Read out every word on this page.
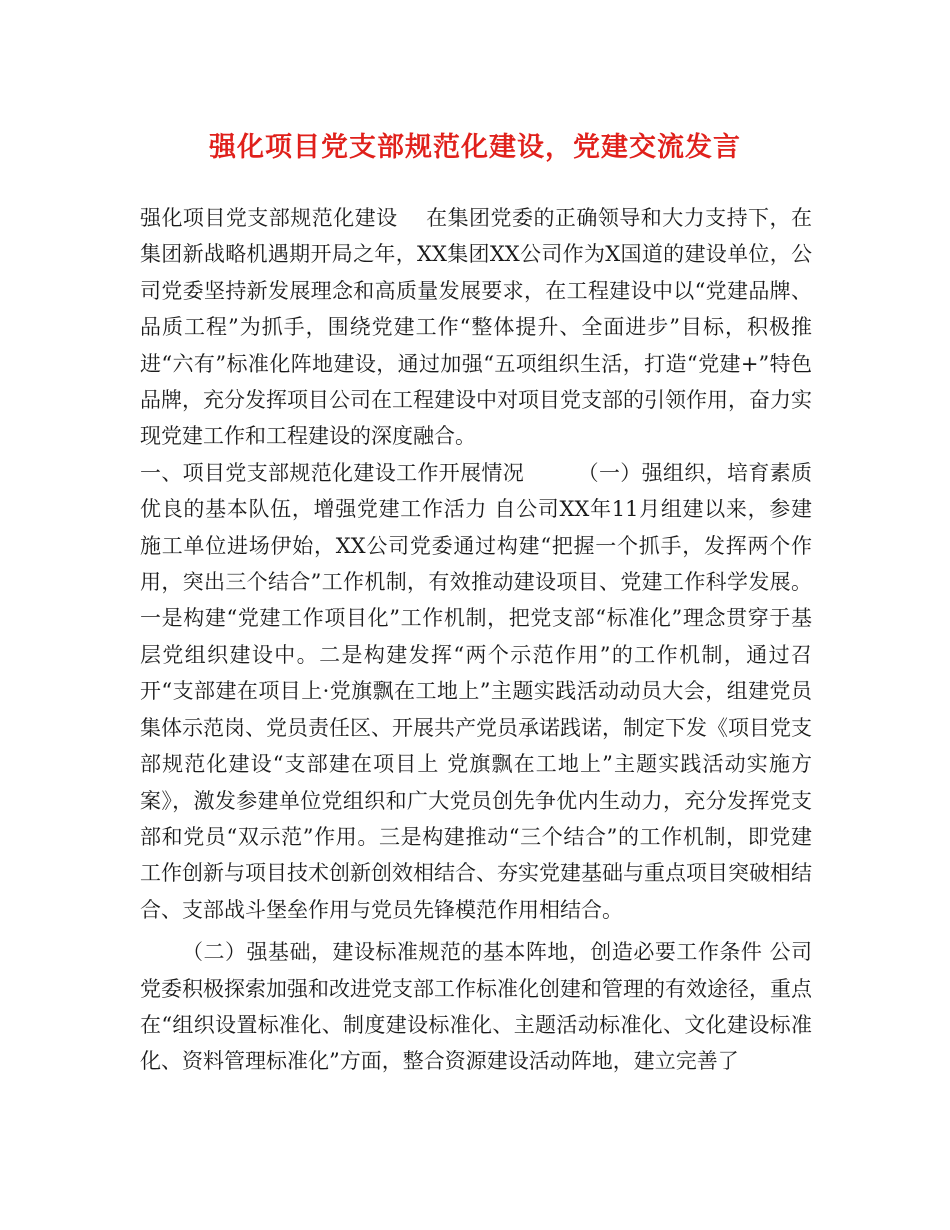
强化项目党支部规范化建设，党建交流发言

强化项目党支部规范化建设　 在集团党委的正确领导和大力支持下，在集团新战略机遇期开局之年，XX集团XX公司作为X国道的建设单位，公司党委坚持新发展理念和高质量发展要求，在工程建设中以“党建品牌、品质工程”为抓手，围绕党建工作“整体提升、全面进步”目标，积极推进“六有”标准化阵地建设，通过加强“五项组织生活，打造“党建+”特色品牌，充分发挥项目公司在工程建设中对项目党支部的引领作用，奋力实现党建工作和工程建设的深度融合。

一、项目党支部规范化建设工作开展情况　　　（一）强组织，培育素质优良的基本队伍，增强党建工作活力 自公司XX年11月组建以来，参建施工单位进场伊始，XX公司党委通过构建“把握一个抓手，发挥两个作用，突出三个结合”工作机制，有效推动建设项目、党建工作科学发展。一是构建“党建工作项目化”工作机制，把党支部“标准化”理念贯穿于基层党组织建设中。二是构建发挥“两个示范作用”的工作机制，通过召开“支部建在项目上·党旗飘在工地上”主题实践活动动员大会，组建党员集体示范岗、党员责任区、开展共产党员承诺践诺，制定下发《项目党支部规范化建设“支部建在项目上 党旗飘在工地上”主题实践活动实施方案》，激发参建单位党组织和广大党员创先争优内生动力，充分发挥党支部和党员“双示范”作用。三是构建推动“三个结合”的工作机制，即党建工作创新与项目技术创新创效相结合、夯实党建基础与重点项目突破相结合、支部战斗堡垒作用与党员先锋模范作用相结合。

（二）强基础，建设标准规范的基本阵地，创造必要工作条件 公司党委积极探索加强和改进党支部工作标准化创建和管理的有效途径，重点在“组织设置标准化、制度建设标准化、主题活动标准化、文化建设标准化、资料管理标准化”方面，整合资源建设活动阵地，建立完善了
